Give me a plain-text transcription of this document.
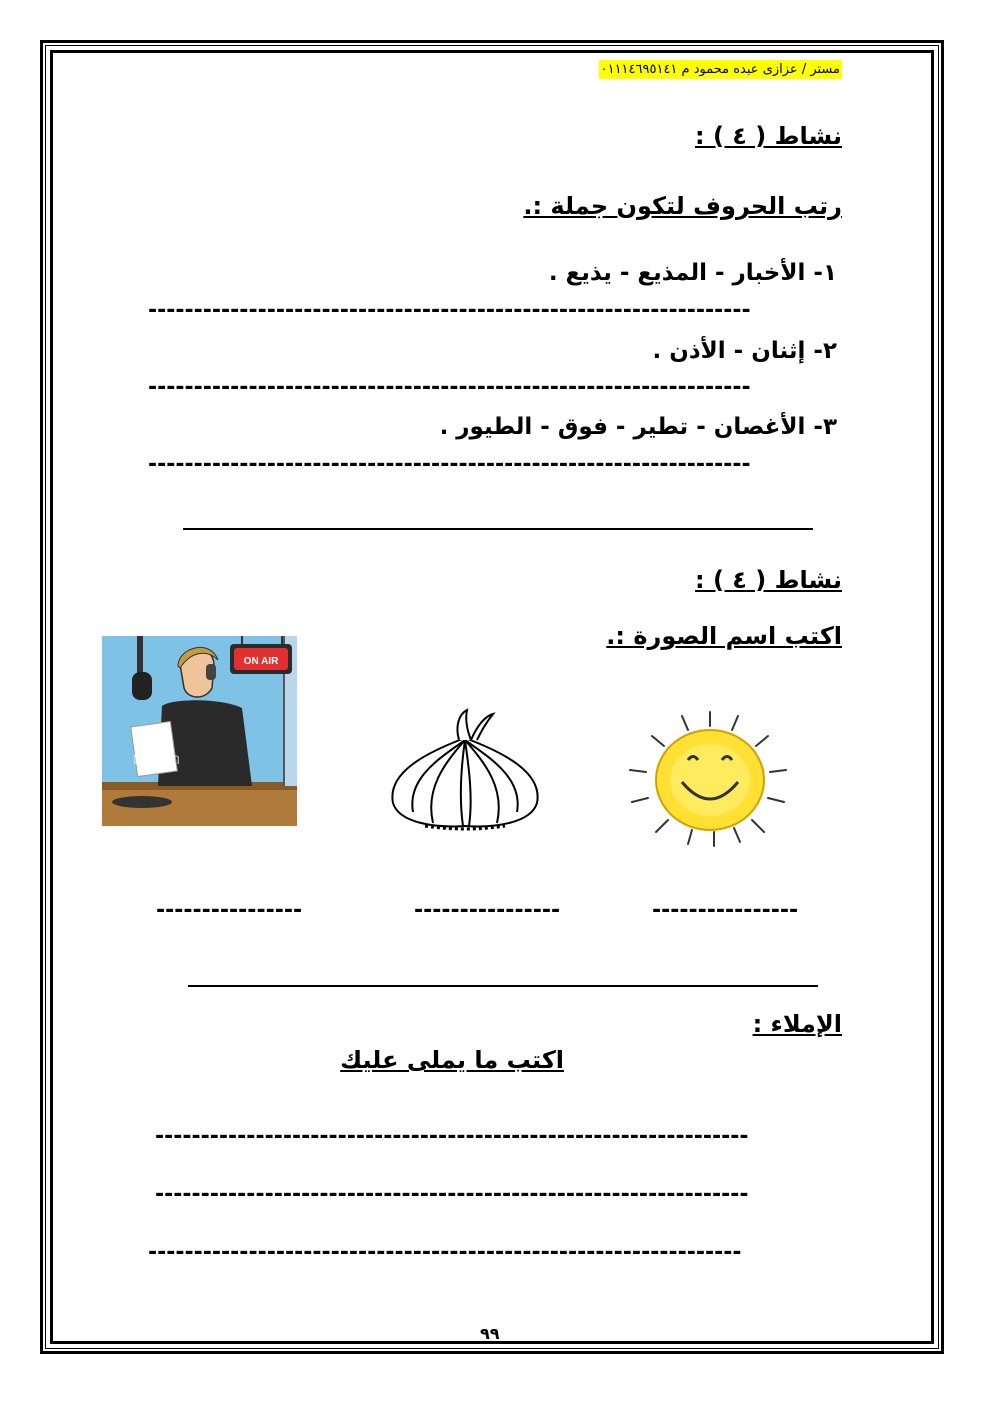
مستر / عزازى عبده محمود م ٠١١١٤٦٩٥١٤١
نشاط ( ٤ ) :
رتب الحروف لتكون جملة :.
١- الأخبار - المذيع - يذيع .
------------------------------------------------------------------
٢- إثنان - الأذن .
------------------------------------------------------------------
٣- الأغصان - تطير - فوق - الطيور .
------------------------------------------------------------------
نشاط ( ٤ ) :
اكتب اسم الصورة :.
ON AIR
tockph
----------------
----------------
----------------
الإملاء :
اكتب ما يملى عليك
-----------------------------------------------------------------
-----------------------------------------------------------------
-----------------------------------------------------------------
٩٩
